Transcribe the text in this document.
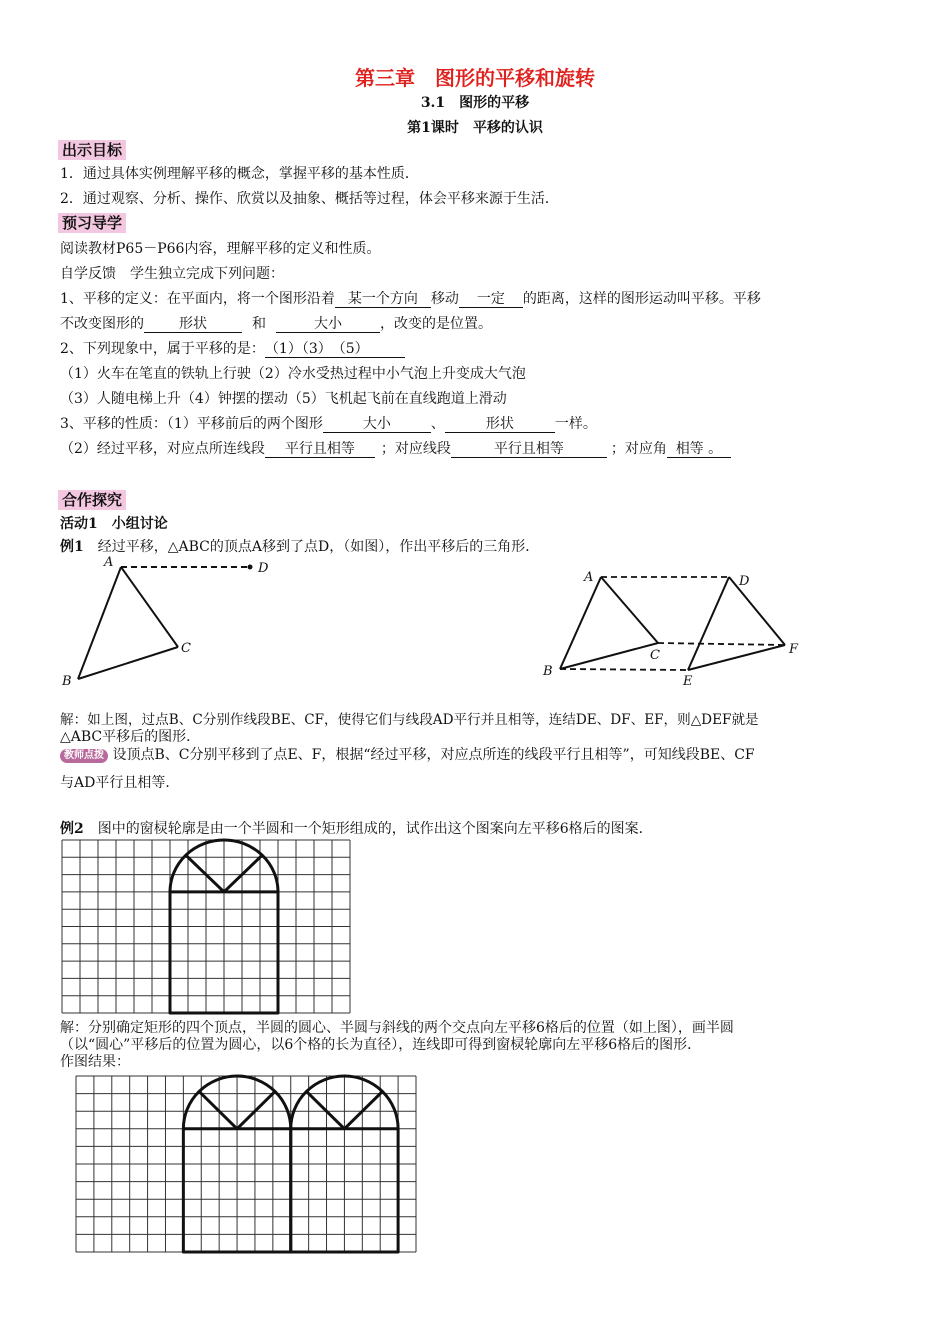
第三章　图形的平移和旋转
3.1　图形的平移
第1课时　平移的认识
出示目标
1．通过具体实例理解平移的概念，掌握平移的基本性质．
2．通过观察、分析、操作、欣赏以及抽象、概括等过程，体会平移来源于生活．
预习导学
阅读教材P65－P66内容，理解平移的定义和性质。
自学反馈　学生独立完成下列问题：
1、平移的定义：在平面内，将一个图形沿着 某一个方向 移动 一定 的距离，这样的图形运动叫平移。平移
不改变图形的	形状	和	大小	，改变的是位置。
2、下列现象中，属于平移的是：（1）（3）　（5）
（1）火车在笔直的铁轨上行驶（2）冷水受热过程中小气泡上升变成大气泡
（3）人随电梯上升（4）钟摆的摆动（5）飞机起飞前在直线跑道上滑动
3、平移的性质：（1）平移前后的两个图形	大小	、	形状	一样。
（2）经过平移，对应点所连线段 平行且相等 ；对应线段	平行且相等	；对应角 相等 。
合作探究
活动1　小组讨论
例1　经过平移，△ABC的顶点A移到了点D，（如图），作出平移后的三角形．
A	D
C
B
A	D
C	F
B
E
解：如上图，过点B、C分别作线段BE、CF，使得它们与线段AD平行并且相等，连结DE、DF、EF，则△DEF就是
△ABC平移后的图形．
教师点拨 设顶点B、C分别平移到了点E、F，根据“经过平移，对应点所连的线段平行且相等”，可知线段BE、CF
与AD平行且相等．
例2　图中的窗棂轮廓是由一个半圆和一个矩形组成的，试作出这个图案向左平移6格后的图案．
解：分别确定矩形的四个顶点，半圆的圆心、半圆与斜线的两个交点向左平移6格后的位置（如上图），画半圆
（以“圆心”平移后的位置为圆心，以6个格的长为直径），连线即可得到窗棂轮廓向左平移6格后的图形．
作图结果：
